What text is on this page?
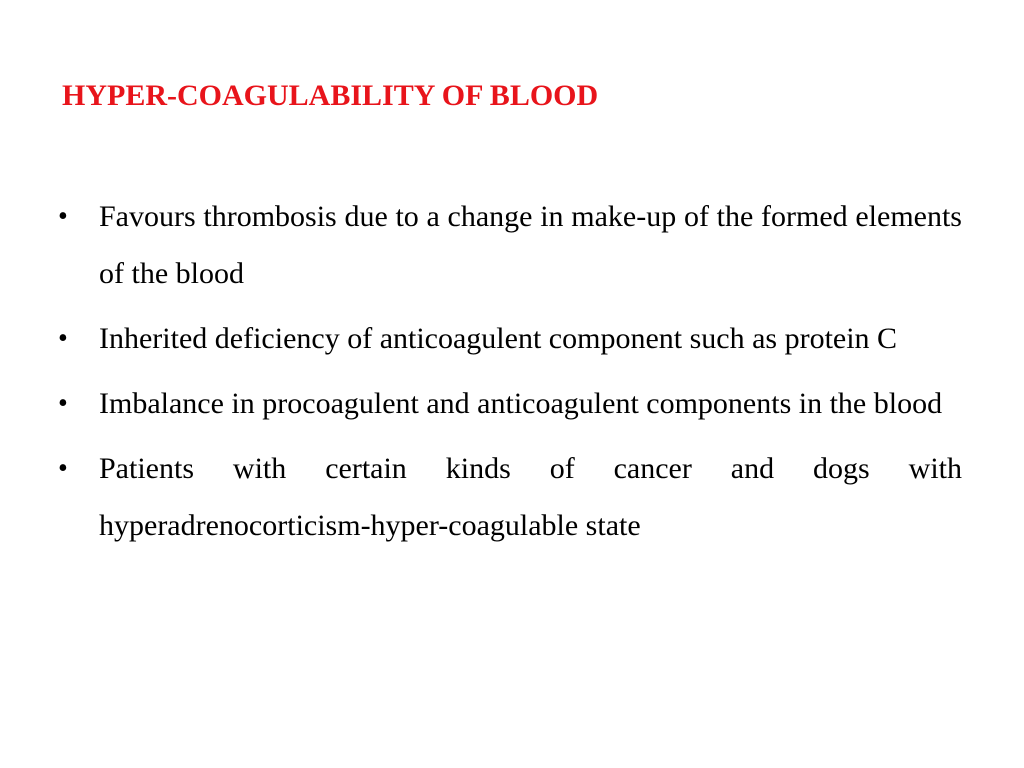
HYPER-COAGULABILITY OF BLOOD
• Favours thrombosis due to a change in make-up of the formed elements of the blood
• Inherited deficiency of anticoagulent component such as protein C
• Imbalance in procoagulent and anticoagulent components in the blood
• Patients with certain kinds of cancer and dogs with hyperadrenocorticism-hyper-coagulable state
